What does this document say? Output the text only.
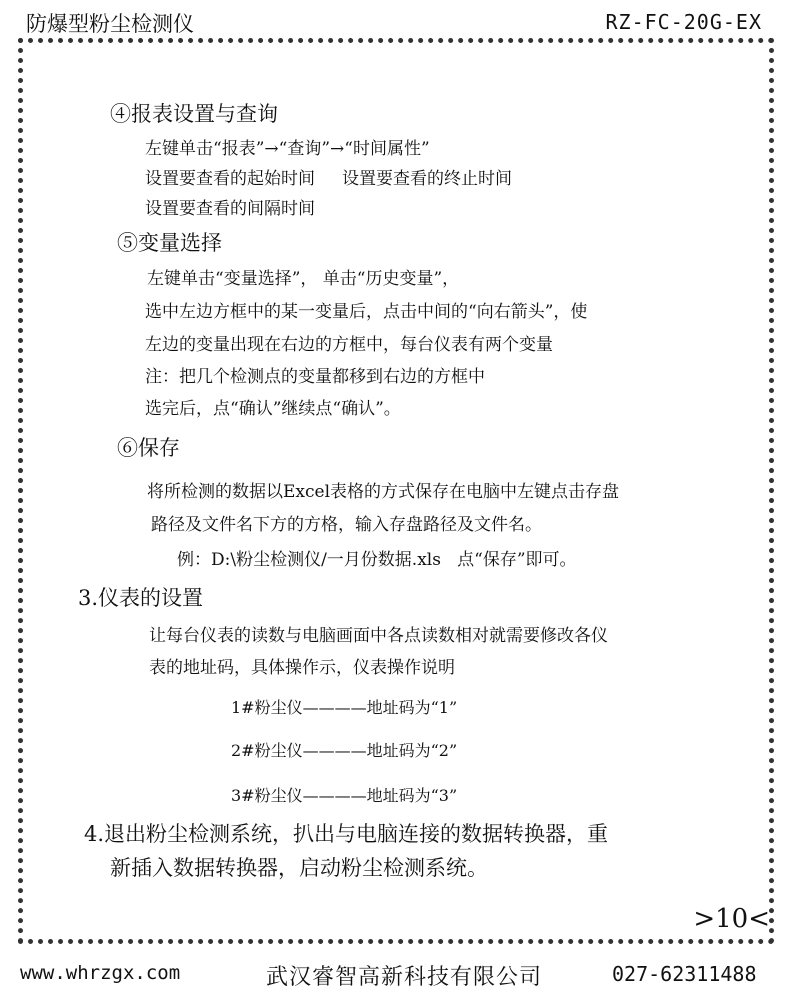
防爆型粉尘检测仪	RZ-FC-20G-EX
④报表设置与查询
左键单击“报表”→“查询”→“时间属性”
设置要查看的起始时间     设置要查看的终止时间
设置要查看的间隔时间
⑤变量选择
左键单击“变量选择”， 单击“历史变量”，
选中左边方框中的某一变量后，点击中间的“向右箭头”，使
左边的变量出现在右边的方框中，每台仪表有两个变量
注：把几个检测点的变量都移到右边的方框中
选完后，点“确认”继续点“确认”。
⑥保存
将所检测的数据以Excel表格的方式保存在电脑中左键点击存盘
路径及文件名下方的方格，输入存盘路径及文件名。
例：D:\粉尘检测仪/一月份数据.xls   点“保存”即可。
3.仪表的设置
让每台仪表的读数与电脑画面中各点读数相对就需要修改各仪
表的地址码，具体操作示，仪表操作说明
1#粉尘仪————地址码为“1”
2#粉尘仪————地址码为“2”
3#粉尘仪————地址码为“3”
4.退出粉尘检测系统，扒出与电脑连接的数据转换器，重
新插入数据转换器，启动粉尘检测系统。
>10<
www.whrzgx.com	武汉睿智高新科技有限公司	027-62311488
